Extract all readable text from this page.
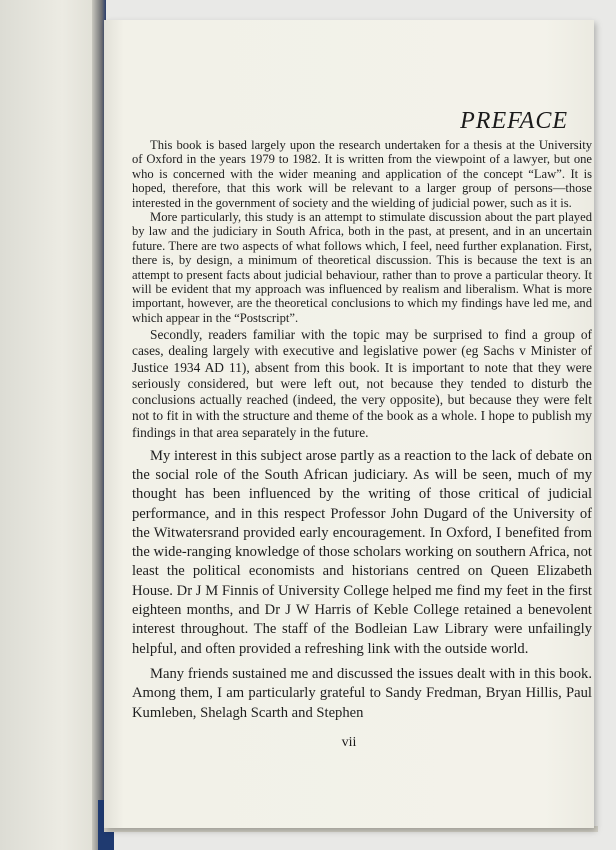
PREFACE

This book is based largely upon the research undertaken for a thesis at the University of Oxford in the years 1979 to 1982. It is written from the viewpoint of a lawyer, but one who is concerned with the wider meaning and application of the concept “Law”. It is hoped, therefore, that this work will be relevant to a larger group of persons—those interested in the government of society and the wielding of judicial power, such as it is.

More particularly, this study is an attempt to stimulate discussion about the part played by law and the judiciary in South Africa, both in the past, at present, and in an uncertain future. There are two aspects of what follows which, I feel, need further explanation. First, there is, by design, a minimum of theoretical discussion. This is because the text is an attempt to present facts about judicial behaviour, rather than to prove a particular theory. It will be evident that my approach was influenced by realism and liberalism. What is more important, however, are the theoretical conclusions to which my findings have led me, and which appear in the “Postscript”.

Secondly, readers familiar with the topic may be surprised to find a group of cases, dealing largely with executive and legislative power (eg Sachs v Minister of Justice 1934 AD 11), absent from this book. It is important to note that they were seriously considered, but were left out, not because they tended to disturb the conclusions actually reached (indeed, the very opposite), but because they were felt not to fit in with the structure and theme of the book as a whole. I hope to publish my findings in that area separately in the future.

My interest in this subject arose partly as a reaction to the lack of debate on the social role of the South African judiciary. As will be seen, much of my thought has been influenced by the writing of those critical of judicial performance, and in this respect Professor John Dugard of the University of the Witwatersrand provided early encouragement. In Oxford, I benefited from the wide-ranging knowledge of those scholars working on southern Africa, not least the political economists and historians centred on Queen Elizabeth House. Dr J M Finnis of University College helped me find my feet in the first eighteen months, and Dr J W Harris of Keble College retained a benevolent interest throughout. The staff of the Bodleian Law Library were unfailingly helpful, and often provided a refreshing link with the outside world.

Many friends sustained me and discussed the issues dealt with in this book. Among them, I am particularly grateful to Sandy Fredman, Bryan Hillis, Paul Kumleben, Shelagh Scarth and Stephen

vii
